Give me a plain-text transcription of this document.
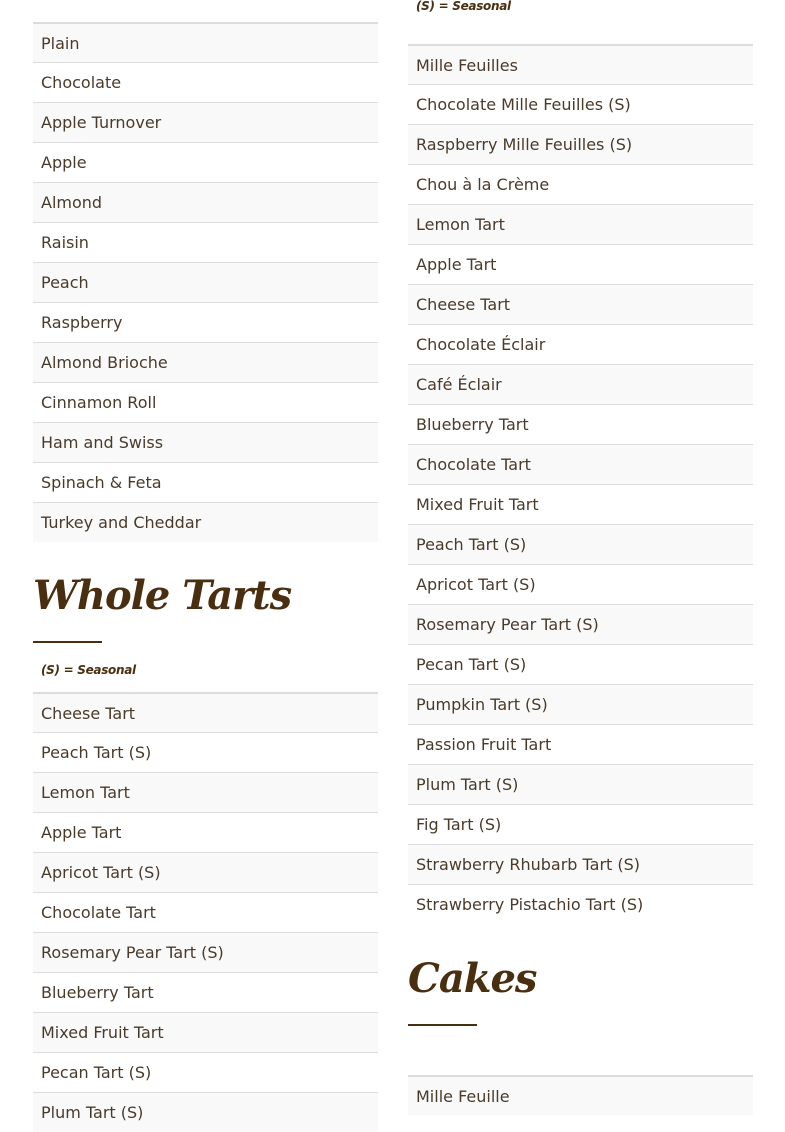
Plain
Chocolate
Apple Turnover
Apple
Almond
Raisin
Peach
Raspberry
Almond Brioche
Cinnamon Roll
Ham and Swiss
Spinach & Feta
Turkey and Cheddar
Whole Tarts
(S) = Seasonal
Cheese Tart
Peach Tart (S)
Lemon Tart
Apple Tart
Apricot Tart (S)
Chocolate Tart
Rosemary Pear Tart (S)
Blueberry Tart
Mixed Fruit Tart
Pecan Tart (S)
Plum Tart (S)
(S) = Seasonal
Mille Feuilles
Chocolate Mille Feuilles (S)
Raspberry Mille Feuilles (S)
Chou à la Crème
Lemon Tart
Apple Tart
Cheese Tart
Chocolate Éclair
Café Éclair
Blueberry Tart
Chocolate Tart
Mixed Fruit Tart
Peach Tart (S)
Apricot Tart (S)
Rosemary Pear Tart (S)
Pecan Tart (S)
Pumpkin Tart (S)
Passion Fruit Tart
Plum Tart (S)
Fig Tart (S)
Strawberry Rhubarb Tart (S)
Strawberry Pistachio Tart (S)
Cakes
Mille Feuille
